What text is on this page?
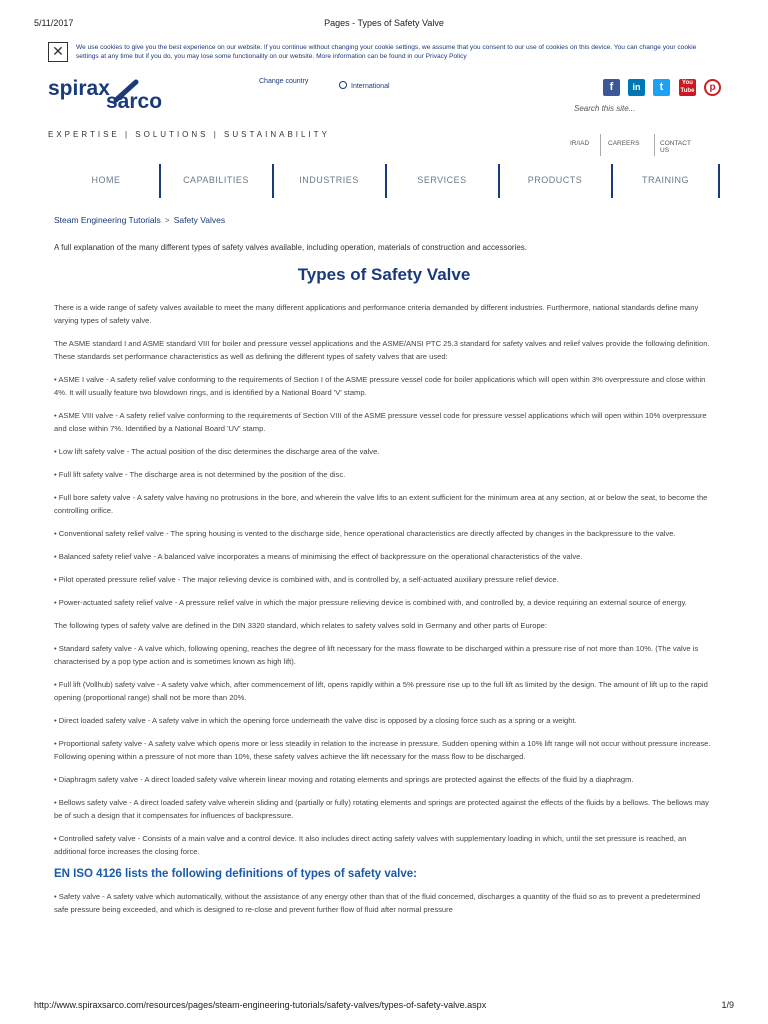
5/11/2017	Pages - Types of Safety Valve
✕	We use cookies to give you the best experience on our website. If you continue without changing your cookie settings, we assume that you consent to our use of cookies on this device. You can change your cookie settings at any time but if you do, you may lose some functionality on our website. More information can be found in our Privacy Policy
spirax
sarco
Change country
International	f	in	t	You Tube	p
Search this site...
EXPERTISE | SOLUTIONS | SUSTAINABILITY
IR/IAD	CAREERS	CONTACT US
HOME	CAPABILITIES	INDUSTRIES	SERVICES	PRODUCTS	TRAINING
Steam Engineering Tutorials > Safety Valves
A full explanation of the many different types of safety valves available, including operation, materials of construction and accessories.
Types of Safety Valve

There is a wide range of safety valves available to meet the many different applications and performance criteria demanded by different industries. Furthermore, national standards define many varying types of safety valve.

The ASME standard I and ASME standard VIII for boiler and pressure vessel applications and the ASME/ANSI PTC 25.3 standard for safety valves and relief valves provide the following definition. These standards set performance characteristics as well as defining the different types of safety valves that are used:

• ASME I valve - A safety relief valve conforming to the requirements of Section I of the ASME pressure vessel code for boiler applications which will open within 3% overpressure and close within 4%. It will usually feature two blowdown rings, and is identified by a National Board 'V' stamp.

• ASME VIII valve - A safety relief valve conforming to the requirements of Section VIII of the ASME pressure vessel code for pressure vessel applications which will open within 10% overpressure and close within 7%. Identified by a National Board 'UV' stamp.

• Low lift safety valve - The actual position of the disc determines the discharge area of the valve.

• Full lift safety valve - The discharge area is not determined by the position of the disc.

• Full bore safety valve - A safety valve having no protrusions in the bore, and wherein the valve lifts to an extent sufficient for the minimum area at any section, at or below the seat, to become the controlling orifice.

• Conventional safety relief valve - The spring housing is vented to the discharge side, hence operational characteristics are directly affected by changes in the backpressure to the valve.

• Balanced safety relief valve - A balanced valve incorporates a means of minimising the effect of backpressure on the operational characteristics of the valve.

• Pilot operated pressure relief valve - The major relieving device is combined with, and is controlled by, a self-actuated auxiliary pressure relief device.

• Power-actuated safety relief valve - A pressure relief valve in which the major pressure relieving device is combined with, and controlled by, a device requiring an external source of energy.

The following types of safety valve are defined in the DIN 3320 standard, which relates to safety valves sold in Germany and other parts of Europe:

• Standard safety valve - A valve which, following opening, reaches the degree of lift necessary for the mass flowrate to be discharged within a pressure rise of not more than 10%. (The valve is characterised by a pop type action and is sometimes known as high lift).

• Full lift (Vollhub) safety valve - A safety valve which, after commencement of lift, opens rapidly within a 5% pressure rise up to the full lift as limited by the design. The amount of lift up to the rapid opening (proportional range) shall not be more than 20%.

• Direct loaded safety valve - A safety valve in which the opening force underneath the valve disc is opposed by a closing force such as a spring or a weight.

• Proportional safety valve - A safety valve which opens more or less steadily in relation to the increase in pressure. Sudden opening within a 10% lift range will not occur without pressure increase. Following opening within a pressure of not more than 10%, these safety valves achieve the lift necessary for the mass flow to be discharged.

• Diaphragm safety valve - A direct loaded safety valve wherein linear moving and rotating elements and springs are protected against the effects of the fluid by a diaphragm.

• Bellows safety valve - A direct loaded safety valve wherein sliding and (partially or fully) rotating elements and springs are protected against the effects of the fluids by a bellows. The bellows may be of such a design that it compensates for influences of backpressure.

• Controlled safety valve - Consists of a main valve and a control device. It also includes direct acting safety valves with supplementary loading in which, until the set pressure is reached, an additional force increases the closing force.

EN ISO 4126 lists the following definitions of types of safety valve:

• Safety valve - A safety valve which automatically, without the assistance of any energy other than that of the fluid concerned, discharges a quantity of the fluid so as to prevent a predetermined safe pressure being exceeded, and which is designed to re-close and prevent further flow of fluid after normal pressure

http://www.spiraxsarco.com/resources/pages/steam-engineering-tutorials/safety-valves/types-of-safety-valve.aspx	1/9
